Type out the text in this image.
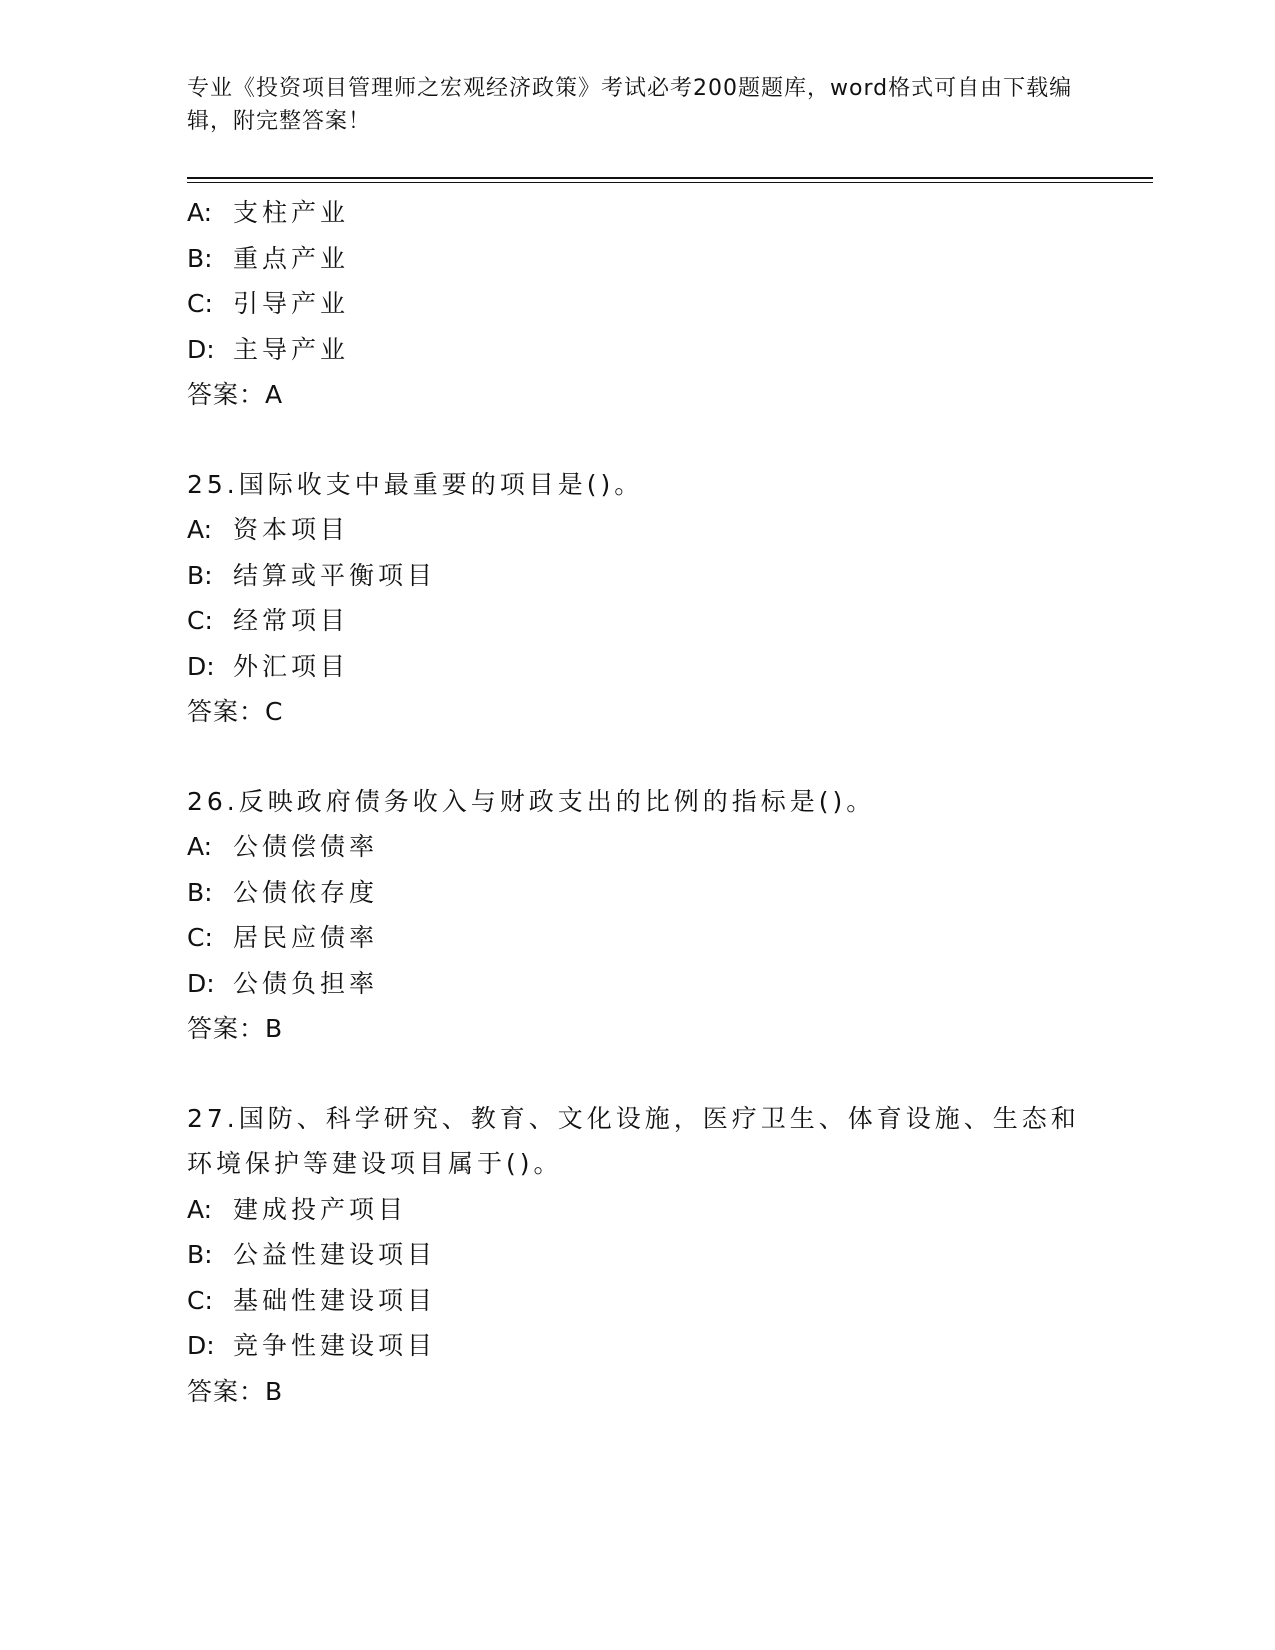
专业《投资项目管理师之宏观经济政策》考试必考200题题库，word格式可自由下载编辑，附完整答案！
A: 支柱产业
B: 重点产业
C: 引导产业
D: 主导产业
答案：A
25.国际收支中最重要的项目是()。
A: 资本项目
B: 结算或平衡项目
C: 经常项目
D: 外汇项目
答案：C
26.反映政府债务收入与财政支出的比例的指标是()。
A: 公债偿债率
B: 公债依存度
C: 居民应债率
D: 公债负担率
答案：B
27.国防、科学研究、教育、文化设施，医疗卫生、体育设施、生态和环境保护等建设项目属于()。
A: 建成投产项目
B: 公益性建设项目
C: 基础性建设项目
D: 竞争性建设项目
答案：B
